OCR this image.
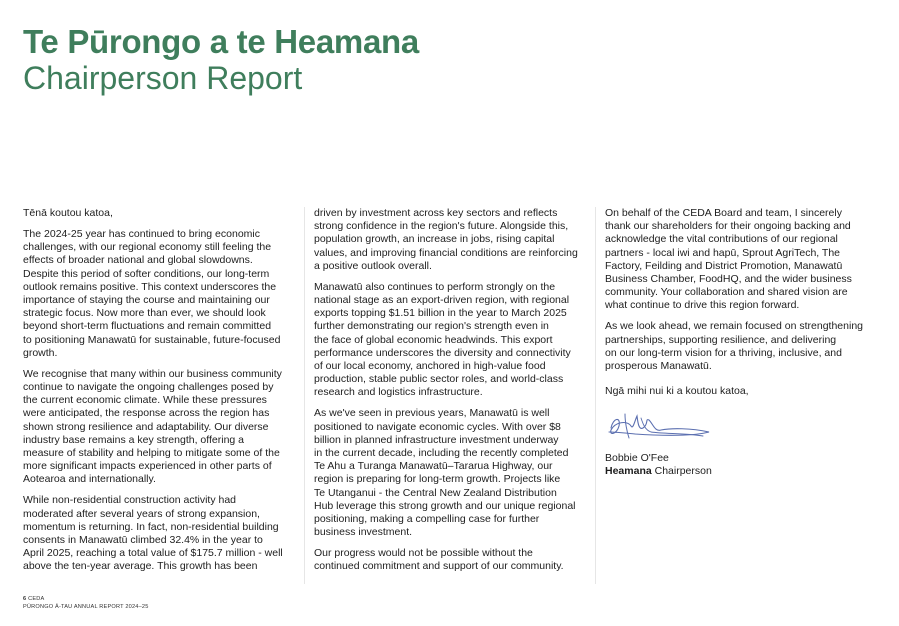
Te Pūrongo a te Heamana
Chairperson Report

Tēnā koutou katoa,

The 2024-25 year has continued to bring economic
challenges, with our regional economy still feeling the
effects of broader national and global slowdowns.
Despite this period of softer conditions, our long-term
outlook remains positive. This context underscores the
importance of staying the course and maintaining our
strategic focus. Now more than ever, we should look
beyond short-term fluctuations and remain committed
to positioning Manawatū for sustainable, future-focused
growth.

We recognise that many within our business community
continue to navigate the ongoing challenges posed by
the current economic climate. While these pressures
were anticipated, the response across the region has
shown strong resilience and adaptability. Our diverse
industry base remains a key strength, offering a
measure of stability and helping to mitigate some of the
more significant impacts experienced in other parts of
Aotearoa and internationally.

While non-residential construction activity had
moderated after several years of strong expansion,
momentum is returning. In fact, non-residential building
consents in Manawatū climbed 32.4% in the year to
April 2025, reaching a total value of $175.7 million - well
above the ten-year average. This growth has been

driven by investment across key sectors and reflects
strong confidence in the region's future. Alongside this,
population growth, an increase in jobs, rising capital
values, and improving financial conditions are reinforcing
a positive outlook overall.

Manawatū also continues to perform strongly on the
national stage as an export-driven region, with regional
exports topping $1.51 billion in the year to March 2025
further demonstrating our region's strength even in
the face of global economic headwinds. This export
performance underscores the diversity and connectivity
of our local economy, anchored in high-value food
production, stable public sector roles, and world-class
research and logistics infrastructure.

As we've seen in previous years, Manawatū is well
positioned to navigate economic cycles. With over $8
billion in planned infrastructure investment underway
in the current decade, including the recently completed
Te Ahu a Turanga Manawatū–Tararua Highway, our
region is preparing for long-term growth. Projects like
Te Utanganui - the Central New Zealand Distribution
Hub leverage this strong growth and our unique regional
positioning, making a compelling case for further
business investment.

Our progress would not be possible without the
continued commitment and support of our community.

On behalf of the CEDA Board and team, I sincerely
thank our shareholders for their ongoing backing and
acknowledge the vital contributions of our regional
partners - local iwi and hapū, Sprout AgriTech, The
Factory, Feilding and District Promotion, Manawatū
Business Chamber, FoodHQ, and the wider business
community. Your collaboration and shared vision are
what continue to drive this region forward.

As we look ahead, we remain focused on strengthening
partnerships, supporting resilience, and delivering
on our long-term vision for a thriving, inclusive, and
prosperous Manawatū.

Ngā mihi nui ki a koutou katoa,

Bobbie O'Fee
Heamana Chairperson

6 CEDA
PŪRONGO Ā-TAU ANNUAL REPORT 2024–25
